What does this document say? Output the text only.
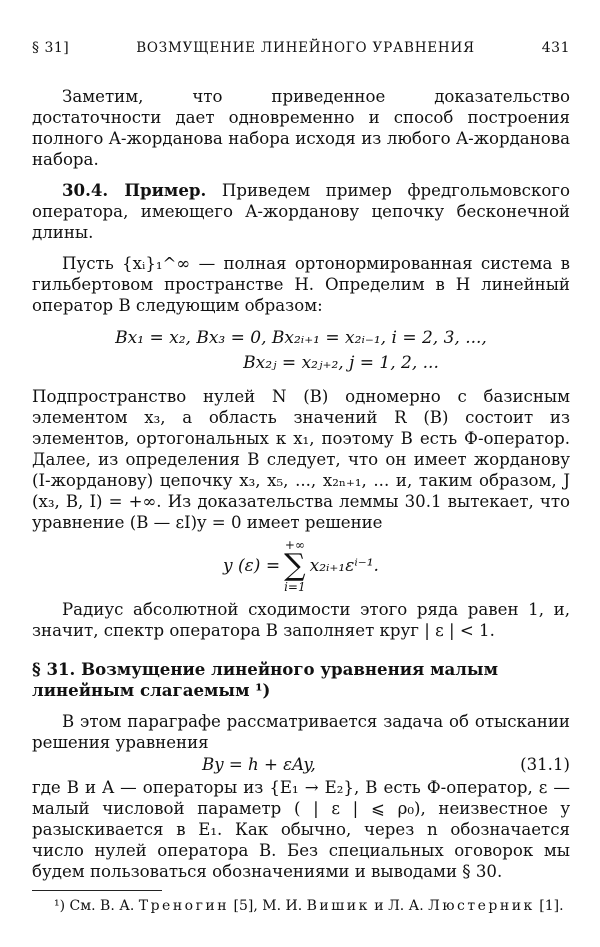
§ 31]	ВОЗМУЩЕНИЕ ЛИНЕЙНОГО УРАВНЕНИЯ	431

Заметим, что приведенное доказательство достаточности дает одновременно и способ построения полного A-жорданова набора исходя из любого A-жорданова набора.

30.4. Пример. Приведем пример фредгольмовского оператора, имеющего A-жорданову цепочку бесконечной длины.

Пусть {xᵢ}₁^∞ — полная ортонормированная система в гильбертовом пространстве H. Определим в H линейный оператор B следующим образом:

Bx₁ = x₂, Bx₃ = 0, Bx₂ᵢ₊₁ = x₂ᵢ₋₁, i = 2, 3, ...,
Bx₂ⱼ = x₂ⱼ₊₂, j = 1, 2, ...

Подпространство нулей N (B) одномерно с базисным элементом x₃, а область значений R (B) состоит из элементов, ортогональных к x₁, поэтому B есть Ф-оператор. Далее, из определения B следует, что он имеет жорданову (I-жорданову) цепочку x₃, x₅, ..., x₂ₙ₊₁, ... и, таким образом, J (x₃, B, I) = +∞. Из доказательства леммы 30.1 вытекает, что уравнение (B — εI)y = 0 имеет решение

y (ε) =
+∞
∑
i=1
x₂ᵢ₊₁εⁱ⁻¹.

Радиус абсолютной сходимости этого ряда равен 1, и, значит, спектр оператора B заполняет круг | ε | < 1.

§ 31. Возмущение линейного уравнения малым линейным слагаемым ¹)

В этом параграфе рассматривается задача об отыскании решения уравнения

By = h + εAy,	(31.1)

где B и A — операторы из {E₁ → E₂}, B есть Ф-оператор, ε — малый числовой параметр ( | ε | ⩽ ρ₀), неизвестное y разыскивается в E₁. Как обычно, через n обозначается число нулей оператора B. Без специальных оговорок мы будем пользоваться обозначениями и выводами § 30.

¹) См. В. А. Треногин [5], М. И. Вишик и Л. А. Люстерник [1].
